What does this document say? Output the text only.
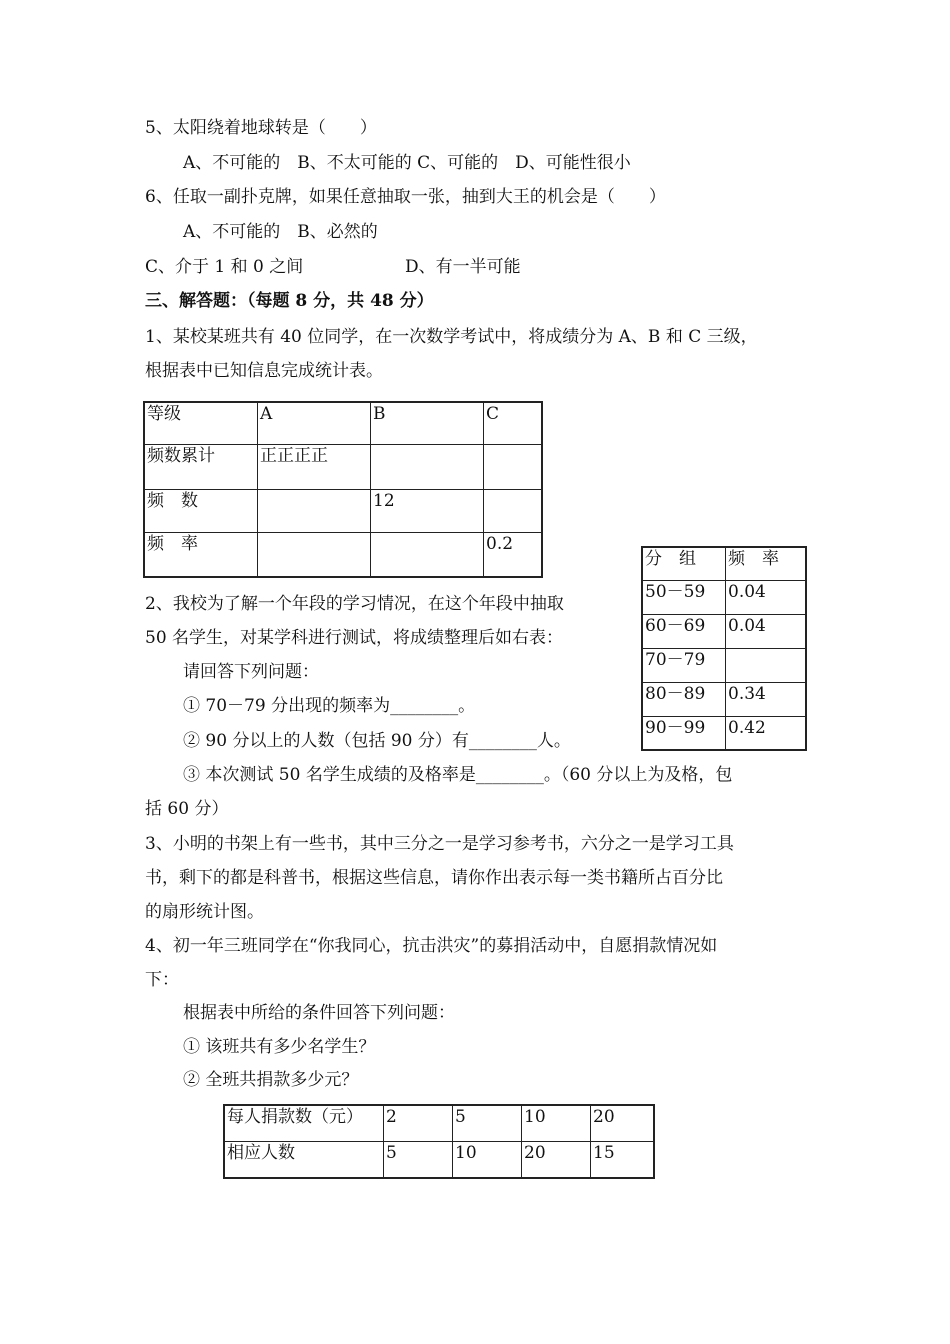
5、太阳绕着地球转是（　　）
A、不可能的　B、不太可能的 C、可能的　D、可能性很小
6、任取一副扑克牌，如果任意抽取一张，抽到大王的机会是（　　）
A、不可能的　B、必然的
C、介于 1 和 0 之间	D、有一半可能
三、解答题：（每题 8 分，共 48 分）
1、某校某班共有 40 位同学，在一次数学考试中，将成绩分为 A、B 和 C 三级，
根据表中已知信息完成统计表。
等级	A	B	C
频数累计	正正正正		
频　数		12	
频　率			0.2
2、我校为了解一个年段的学习情况，在这个年段中抽取
50 名学生，对某学科进行测试，将成绩整理后如右表：
请回答下列问题：
① 70－79 分出现的频率为________。
② 90 分以上的人数（包括 90 分）有________人。
③ 本次测试 50 名学生成绩的及格率是________。（60 分以上为及格，包
括 60 分）
分　组	频　率
50－59	0.04
60－69	0.04
70－79	
80－89	0.34
90－99	0.42
3、小明的书架上有一些书，其中三分之一是学习参考书，六分之一是学习工具
书，剩下的都是科普书，根据这些信息，请你作出表示每一类书籍所占百分比
的扇形统计图。
4、初一年三班同学在“你我同心，抗击洪灾”的募捐活动中，自愿捐款情况如
下：
根据表中所给的条件回答下列问题：
① 该班共有多少名学生？
② 全班共捐款多少元？
每人捐款数（元）	2	5	10	20
相应人数	5	10	20	15
